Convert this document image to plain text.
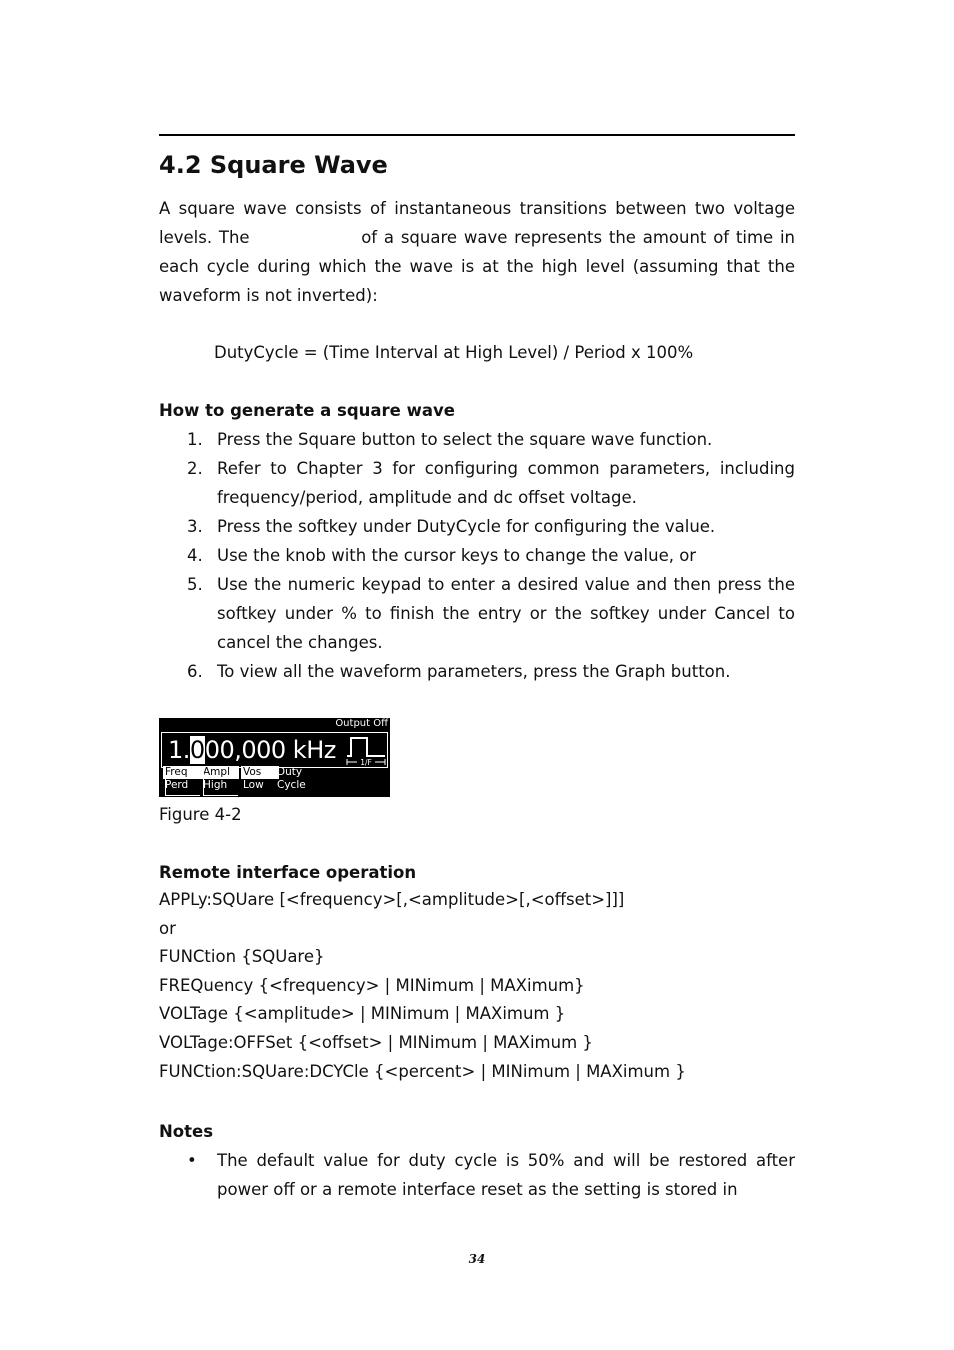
4.2 Square Wave

A square wave consists of instantaneous transitions between two voltage levels. The	of a square wave represents the amount of time in each cycle during which the wave is at the high level (assuming that the waveform is not inverted):

DutyCycle = (Time Interval at High Level) / Period x 100%

How to generate a square wave

1. Press the Square button to select the square wave function.
2. Refer to Chapter 3 for configuring common parameters, including frequency/period, amplitude and dc offset voltage.
3. Press the softkey under DutyCycle for configuring the value.
4. Use the knob with the cursor keys to change the value, or
5. Use the numeric keypad to enter a desired value and then press the softkey under % to finish the entry or the softkey under Cancel to cancel the changes.
6. To view all the waveform parameters, press the Graph button.
Output Off
1.000,000 kHz	1/F
Freq
Perd
Ampl
High
Vos
Low
Duty
Cycle

Figure 4-2

Remote interface operation

APPLy:SQUare [<frequency>[,<amplitude>[,<offset>]]]
or
FUNCtion {SQUare}
FREQuency {<frequency> | MINimum | MAXimum}
VOLTage {<amplitude> | MINimum | MAXimum }
VOLTage:OFFSet {<offset> | MINimum | MAXimum }
FUNCtion:SQUare:DCYCle {<percent> | MINimum | MAXimum }

Notes

• The default value for duty cycle is 50% and will be restored after power off or a remote interface reset as the setting is stored in
34
